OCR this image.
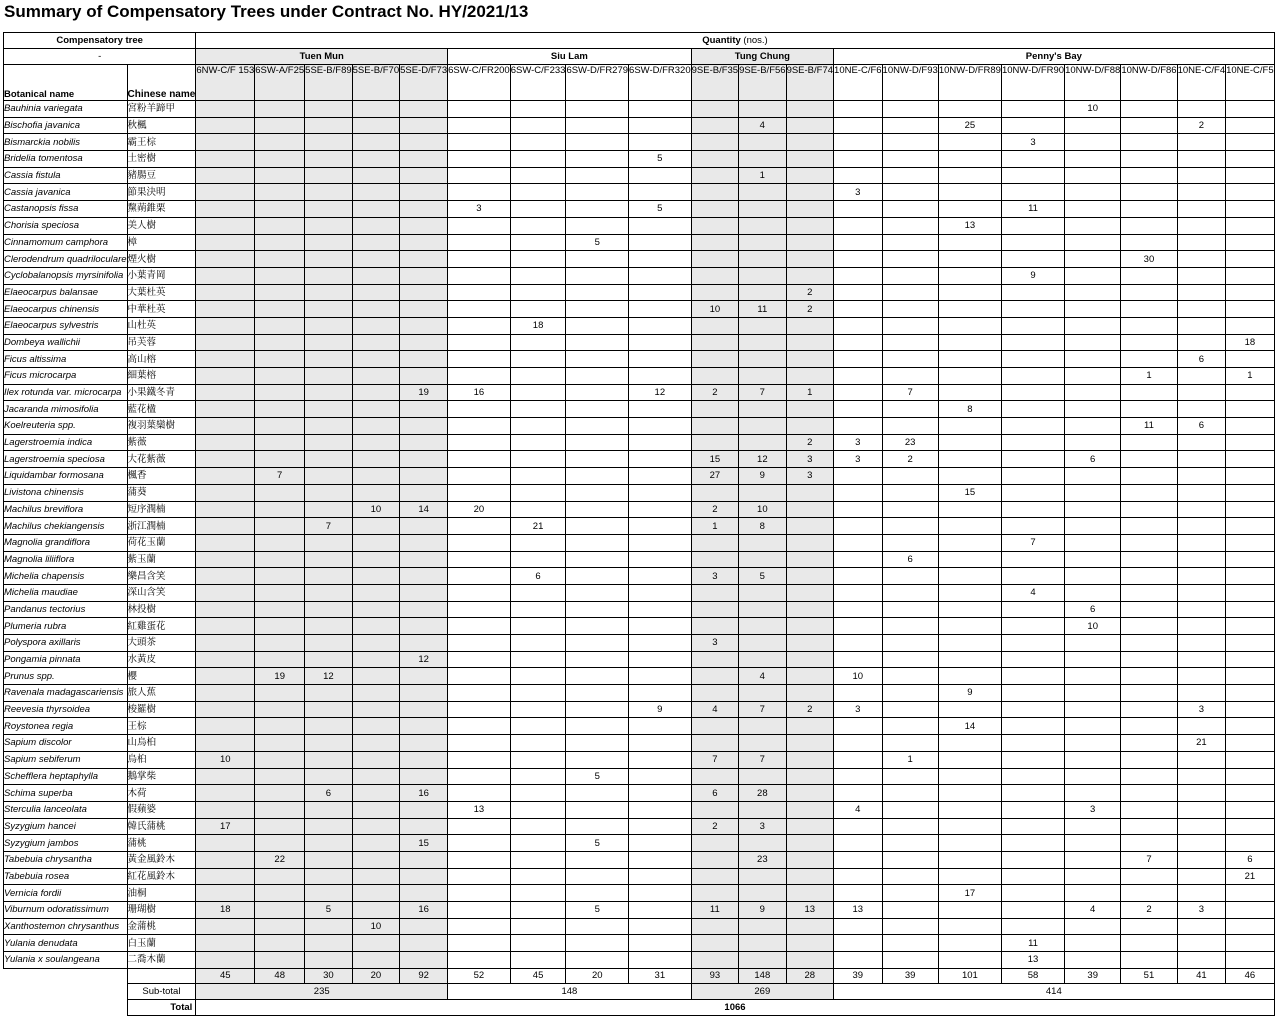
Summary of Compensatory Trees under Contract No. HY/2021/13
Compensatory tree		Quantity (nos.)																			
-		Tuen Mun					Siu Lam				Tung Chung			Penny's Bay							
Botanical name	Chinese name	6NW-C/F 153	6SW-A/F25	5SE-B/F89	5SE-B/F70	5SE-D/F73	6SW-C/FR200	6SW-C/F233	6SW-D/FR279	6SW-D/FR320	9SE-B/F35	9SE-B/F56	9SE-B/F74	10NE-C/F6	10NW-D/F93	10NW-D/FR89	10NW-D/FR90	10NW-D/F88	10NW-D/F86	10NE-C/F4	10NE-C/F5
Bauhinia variegata	宮粉羊蹄甲																	10			
Bischofia javanica	秋楓											4				25				2	
Bismarckia nobilis	霸王棕																3				
Bridelia tomentosa	土密樹									5											
Cassia fistula	豬腸豆											1									
Cassia javanica	節果決明													3							
Castanopsis fissa	黧蒴錐栗						3			5							11				
Chorisia speciosa	美人樹															13					
Cinnamomum camphora	樟								5												
Clerodendrum quadriloculare	煙火樹																		30		
Cyclobalanopsis myrsinifolia	小葉青岡																9				
Elaeocarpus balansae	大葉杜英												2								
Elaeocarpus chinensis	中華杜英										10	11	2								
Elaeocarpus sylvestris	山杜英							18													
Dombeya wallichii	吊芙蓉																				18
Ficus altissima	高山榕																			6	
Ficus microcarpa	細葉榕																		1		1
Ilex rotunda var. microcarpa	小果鐵冬青					19	16			12	2	7	1		7						
Jacaranda mimosifolia	藍花楹															8					
Koelreuteria spp.	複羽葉欒樹																		11	6	
Lagerstroemia indica	紫薇												2	3	23						
Lagerstroemia speciosa	大花紫薇										15	12	3	3	2			6			
Liquidambar formosana	楓香		7								27	9	3								
Livistona chinensis	蒲葵															15					
Machilus breviflora	短序潤楠				10	14	20				2	10									
Machilus chekiangensis	浙江潤楠			7				21			1	8									
Magnolia grandiflora	荷花玉蘭																7				
Magnolia liliiflora	紫玉蘭														6						
Michelia chapensis	樂昌含笑							6			3	5									
Michelia maudiae	深山含笑																4				
Pandanus tectorius	林投樹																	6			
Plumeria rubra	紅雞蛋花																	10			
Polyspora axillaris	大頭茶										3										
Pongamia pinnata	水黃皮					12															
Prunus spp.	櫻		19	12								4		10							
Ravenala madagascariensis	旅人蕉															9					
Reevesia thyrsoidea	梭羅樹									9	4	7	2	3						3	
Roystonea regia	王棕															14					
Sapium discolor	山烏桕																			21	
Sapium sebiferum	烏桕	10									7	7			1						
Schefflera heptaphylla	鵝掌柴								5												
Schima superba	木荷			6		16					6	28									
Sterculia lanceolata	假蘋婆						13							4				3			
Syzygium hancei	韓氏蒲桃	17									2	3									
Syzygium jambos	蒲桃					15			5												
Tabebuia chrysantha	黃金風鈴木		22									23							7		6
Tabebuia rosea	紅花風鈴木																				21
Vernicia fordii	油桐															17					
Viburnum odoratissimum	珊瑚樹	18		5		16			5		11	9	13	13				4	2	3	
Xanthostemon chrysanthus	金蒲桃				10																
Yulania denudata	白玉蘭																11				
Yulania x soulangeana	二喬木蘭																13				
		45	48	30	20	92	52	45	20	31	93	148	28	39	39	101	58	39	51	41	46
	Sub-total	235					148				269			414							
	Total	1066																			
